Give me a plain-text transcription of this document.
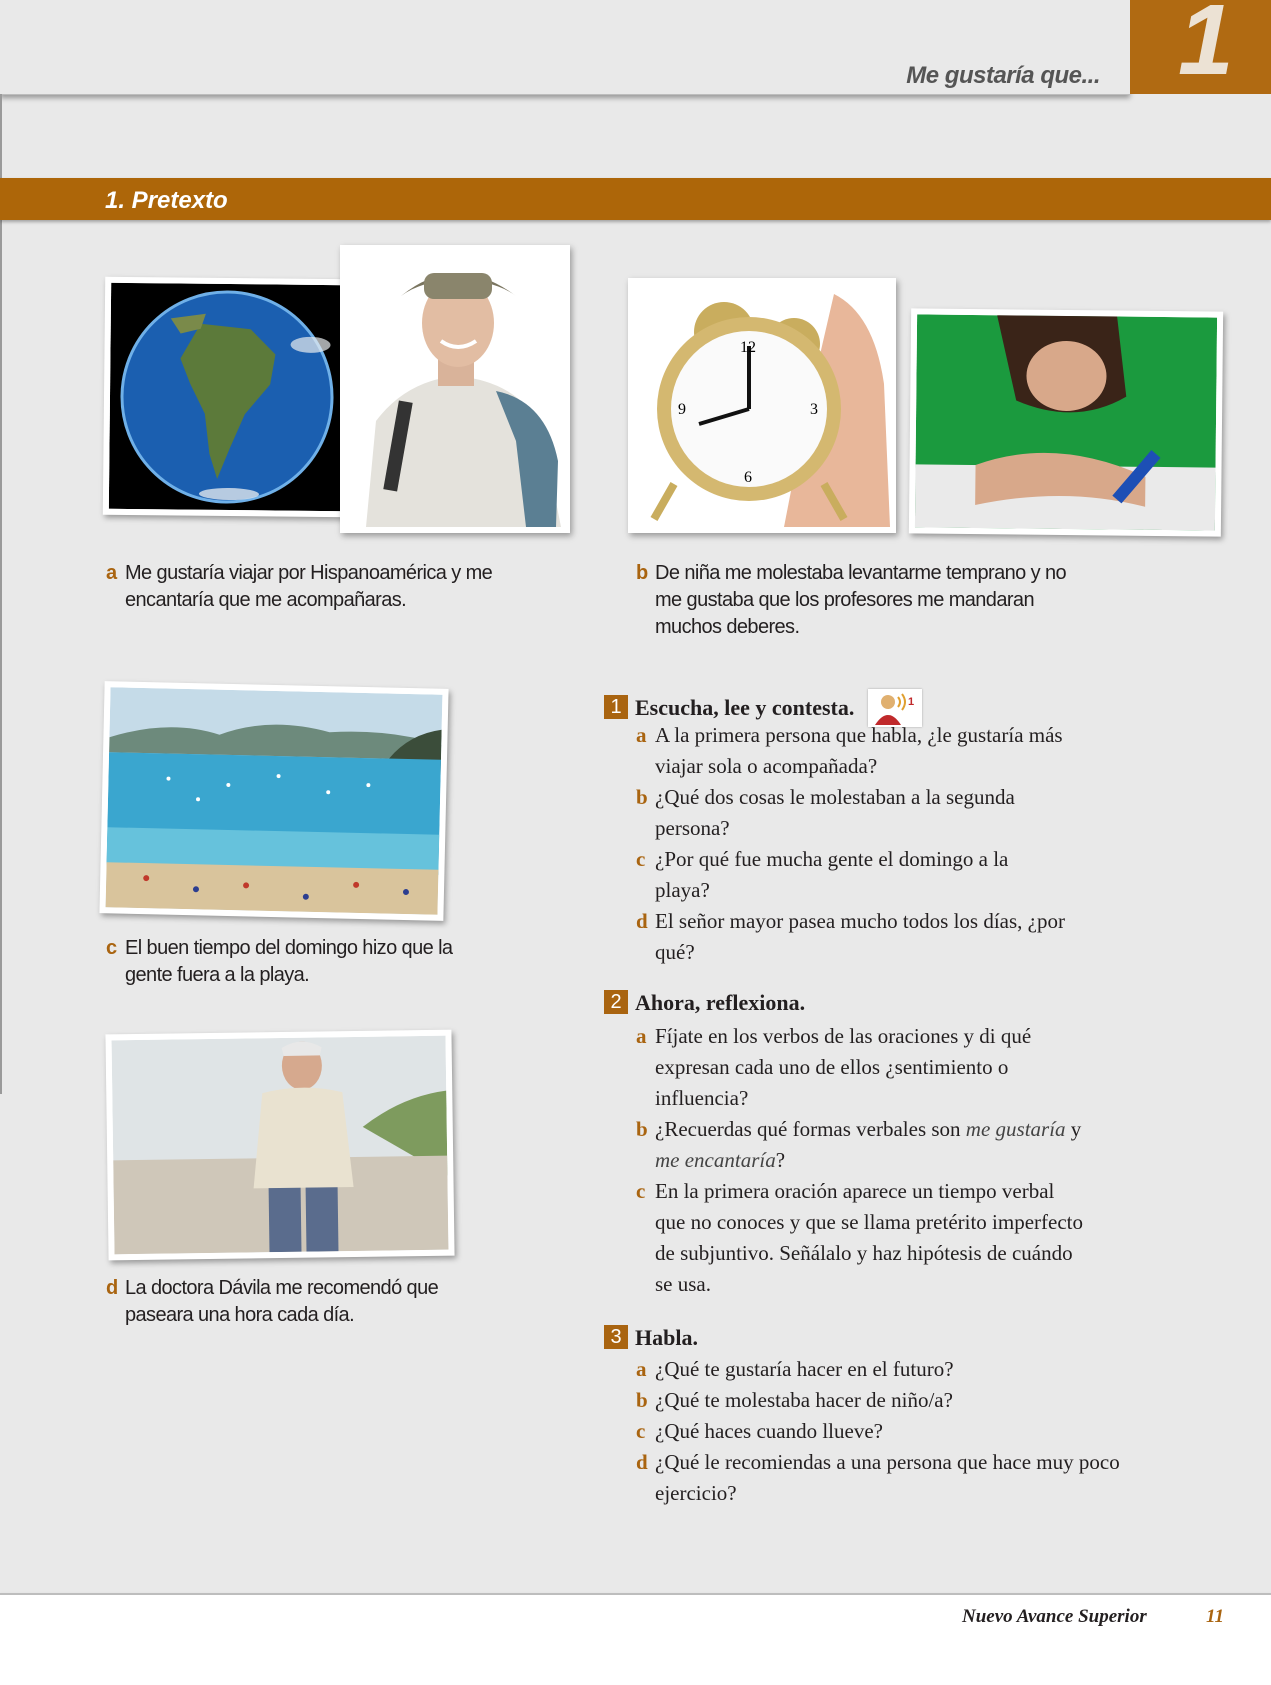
Me gustaría que... 1
1. Pretexto
12
3
6
9
a Me gustaría viajar por Hispanoamérica y me encantaría que me acompañaras.
b De niña me molestaba levantarme temprano y no me gustaba que los profesores me mandaran muchos deberes.
c El buen tiempo del domingo hizo que la gente fuera a la playa.
d La doctora Dávila me recomendó que paseara una hora cada día.
1 Escucha, lee y contesta.	1
a A la primera persona que habla, ¿le gustaría más viajar sola o acompañada?
b ¿Qué dos cosas le molestaban a la segunda persona?
c ¿Por qué fue mucha gente el domingo a la playa?
d El señor mayor pasea mucho todos los días, ¿por qué?
2 Ahora, reflexiona.
a Fíjate en los verbos de las oraciones y di qué expresan cada uno de ellos ¿sentimiento o influencia?
b ¿Recuerdas qué formas verbales son me gustaría y me encantaría?
c En la primera oración aparece un tiempo verbal que no conoces y que se llama pretérito imperfecto de subjuntivo. Señálalo y haz hipótesis de cuándo se usa.
3 Habla.
a ¿Qué te gustaría hacer en el futuro?
b ¿Qué te molestaba hacer de niño/a?
c ¿Qué haces cuando llueve?
d ¿Qué le recomiendas a una persona que hace muy poco ejercicio?
Nuevo Avance Superior	11
